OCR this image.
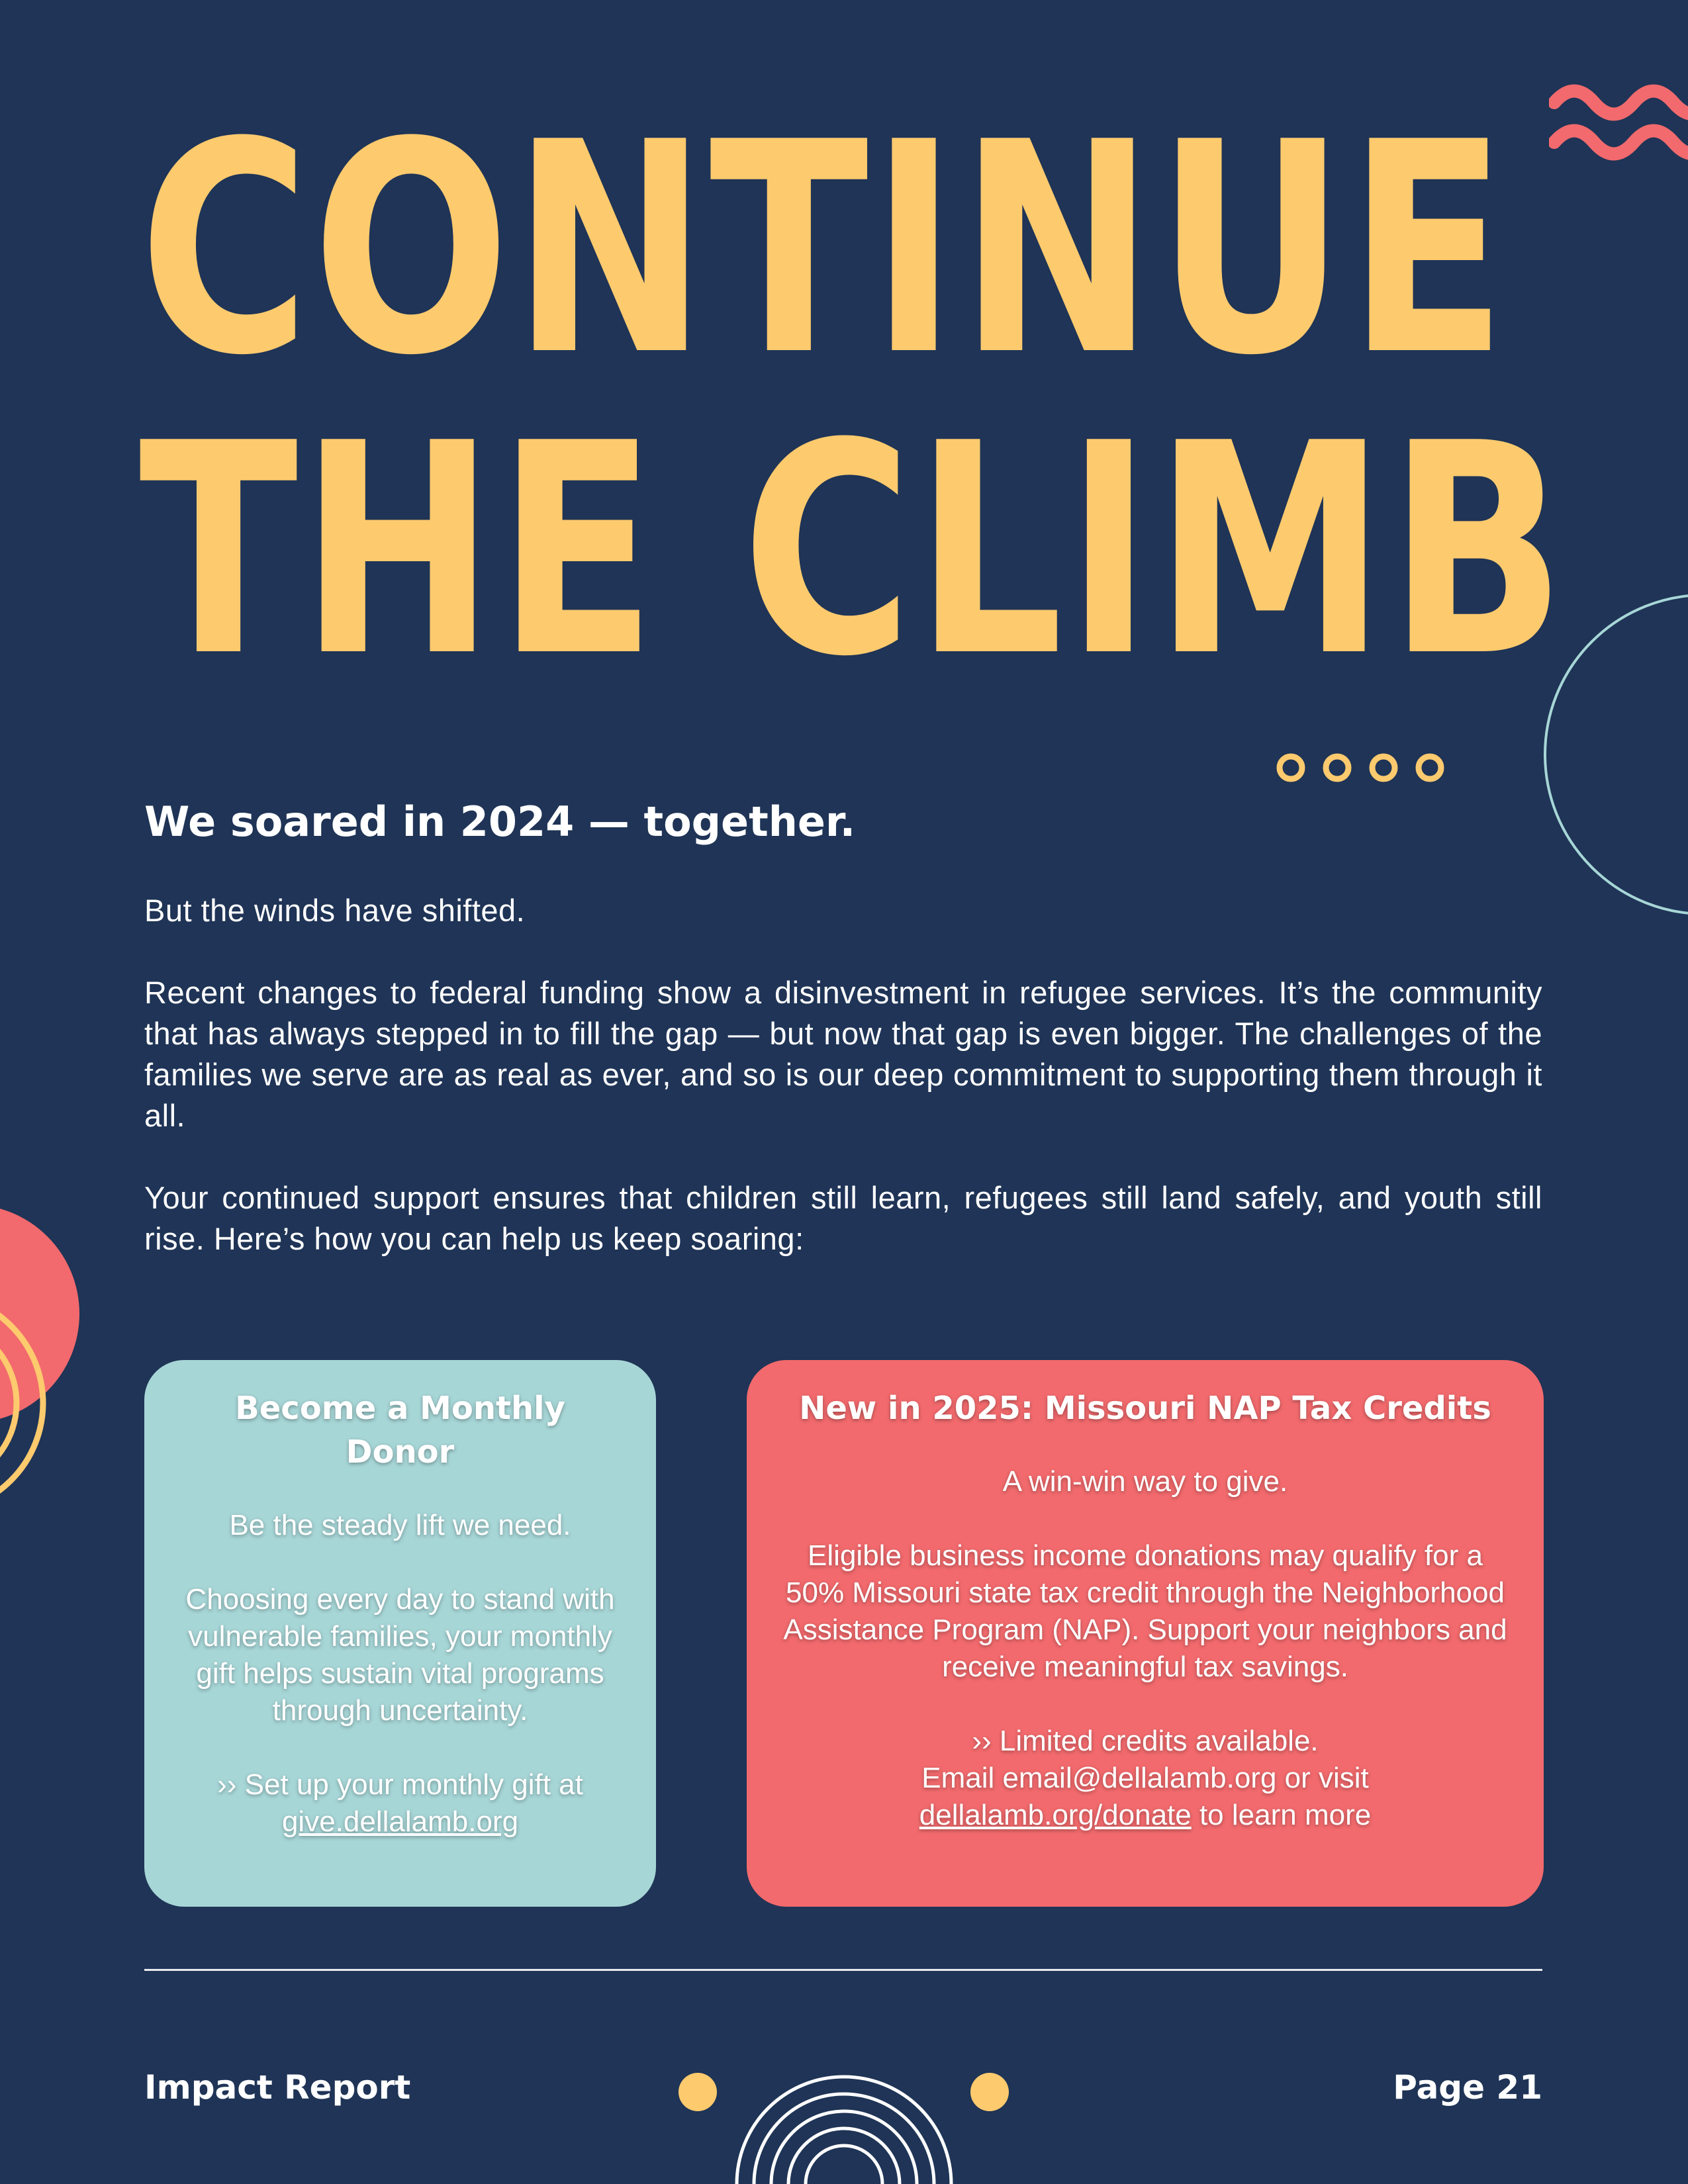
CONTINUE
THE CLIMB
We soared in 2024 — together.

But the winds have shifted.

Recent changes to federal funding show a disinvestment in refugee services. It’s the community that has always stepped in to fill the gap — but now that gap is even bigger. The challenges of the families we serve are as real as ever, and so is our deep commitment to supporting them through it all.

Your continued support ensures that children still learn, refugees still land safely, and youth still rise. Here’s how you can help us keep soaring:

Become a Monthly Donor

Be the steady lift we need.

Choosing every day to stand with vulnerable families, your monthly gift helps sustain vital programs through uncertainty.

›› Set up your monthly gift at
give.dellalamb.org

New in 2025: Missouri NAP Tax Credits

A win-win way to give.

Eligible business income donations may qualify for a 50% Missouri state tax credit through the Neighborhood Assistance Program (NAP). Support your neighbors and receive meaningful tax savings.

›› Limited credits available.

Email email@dellalamb.org or visit
dellalamb.org/donate to learn more

Impact Report	Page 21
